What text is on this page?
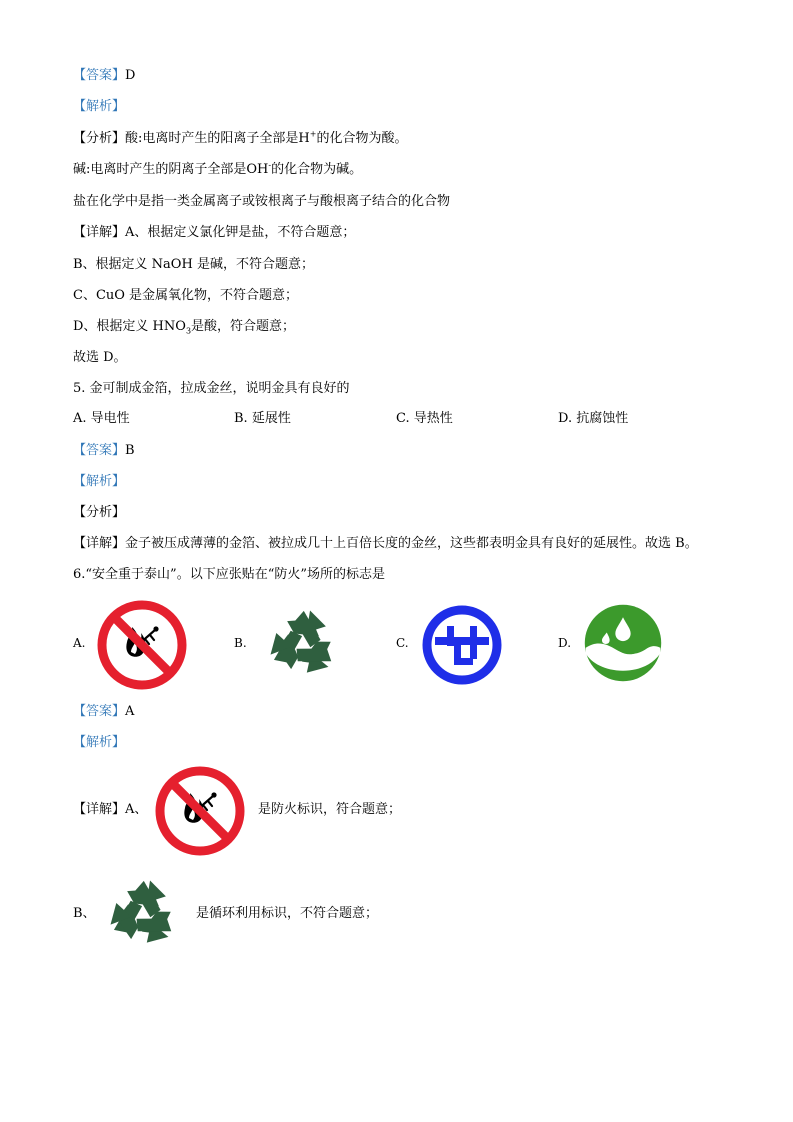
【答案】D
【解析】
【分析】酸:电离时产生的阳离子全部是H+的化合物为酸。
碱:电离时产生的阴离子全部是OH-的化合物为碱。
盐在化学中是指一类金属离子或铵根离子与酸根离子结合的化合物
【详解】A、根据定义氯化钾是盐，不符合题意；
B、根据定义 NaOH 是碱，不符合题意；
C、CuO 是金属氧化物，不符合题意；
D、根据定义 $HNO_3$是酸，符合题意；
故选 D。
5. 金可制成金箔，拉成金丝，说明金具有良好的
A. 导电性	B. 延展性	C. 导热性	D. 抗腐蚀性
【答案】B
【解析】
【分析】
【详解】金子被压成薄薄的金箔、被拉成几十上百倍长度的金丝，这些都表明金具有良好的延展性。故选 B。
6.“安全重于泰山”。以下应张贴在“防火”场所的标志是
A.	B.	C.	D.
【答案】A
【解析】
【详解】A、	是防火标识，符合题意；
B、	是循环利用标识，不符合题意；
